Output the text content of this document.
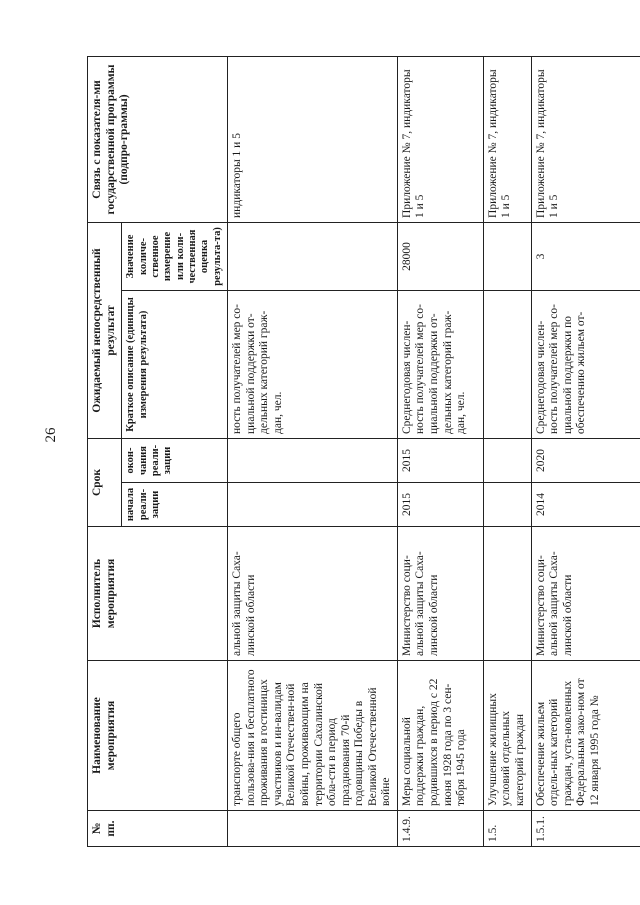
26
№ пп.	Наименование мероприятия	Исполнитель мероприятия	Срок		Ожидаемый непосредственный результат		Связь с показателя-ми государственной программы (подпро-граммы)
			начала реали-зации	окон-чания реали-зации	Краткое описание (единицы измерения результата)	Значение количе-ственное измерение или коли-чественная оценка результа-та)	
	транспорте общего пользова-ния и бесплатного проживания в гостиницах участников и ин-валидам Великой Отечествен-ной войны, проживающим на территории Сахалинской обла-сти в период празднования 70-й годовщины Победы в Великой Отечественной войне	альной защиты Саха-линской области			ность получателей мер со-циальной поддержки от-дельных категорий граж-дан, чел.		индикаторы 1 и 5
1.4.9.	Меры социальной поддержки граждан, родившихся в период с 22 июня 1928 года по 3 сен-тября 1945 года	Министерство соци-альной защиты Саха-линской области	2015	2015	Среднегодовая числен-ность получателей мер со-циальной поддержки от-дельных категорий граж-дан, чел.	28000	Приложение № 7, индикаторы 1 и 5
1.5.	Улучшение жилищных условий отдельных категорий граждан						Приложение № 7, индикаторы 1 и 5
1.5.1.	Обеспечение жильем отдель-ных категорий граждан, уста-новленных Федеральным зако-ном от 12 января 1995 года №	Министерство соци-альной защиты Саха-линской области	2014	2020	Среднегодовая числен-ность получателей мер со-циальной поддержки по обеспечению жильем от-	3	Приложение № 7, индикаторы 1 и 5
